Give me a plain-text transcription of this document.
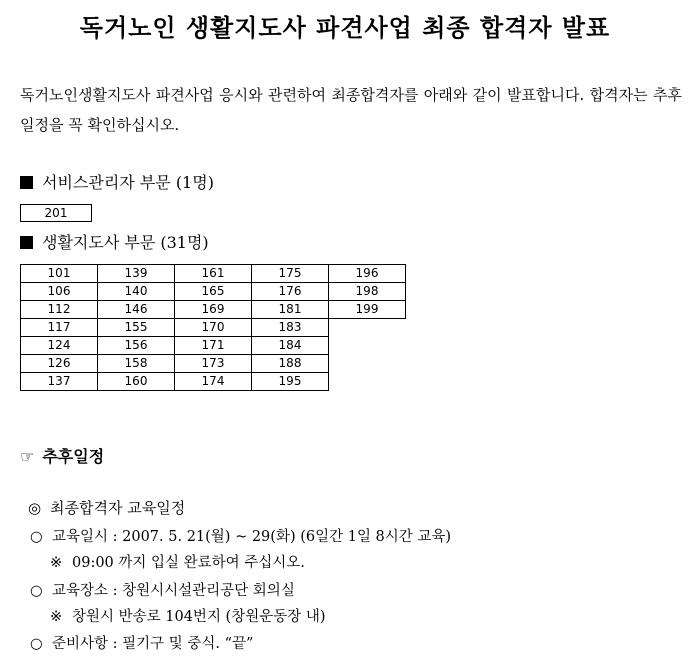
독거노인 생활지도사 파견사업 최종 합격자 발표
독거노인생활지도사 파견사업 응시와 관련하여 최종합격자를 아래와 같이 발표합니다. 합격자는 추후 일정을 꼭 확인하십시오.
서비스관리자 부문 (1명)
201
생활지도사 부문 (31명)
101	139	161	175	196
106	140	165	176	198
112	146	169	181	199
117	155	170	183	
124	156	171	184	
126	158	173	188	
137	160	174	195	
☞ 추후일정
◎ 최종합격자 교육일정
○ 교육일시 : 2007. 5. 21(월) ~ 29(화) (6일간 1일 8시간 교육)
※ 09:00 까지 입실 완료하여 주십시오.
○ 교육장소 : 창원시시설관리공단 회의실
※ 창원시 반송로 104번지 (창원운동장 내)
○ 준비사항 : 필기구 및 중식. “끝”
